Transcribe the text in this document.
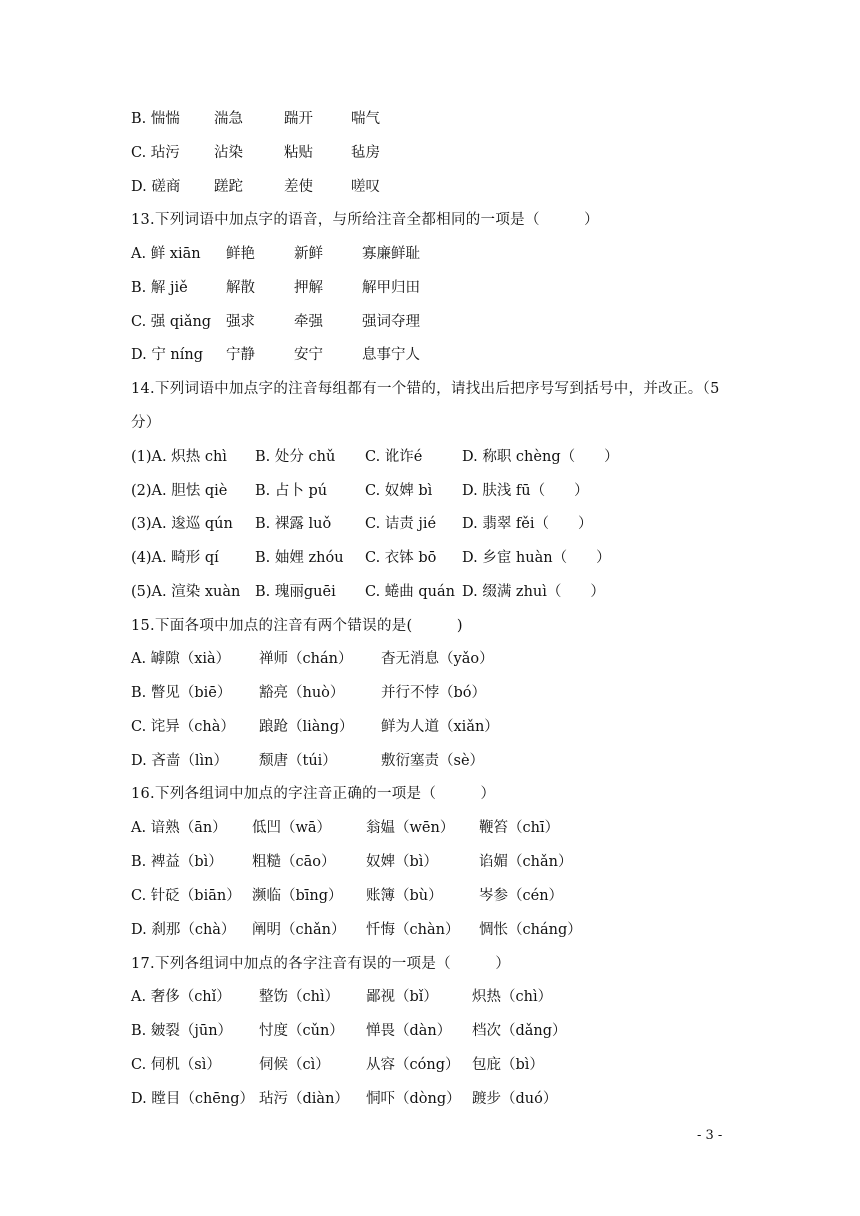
B. 惴惴 湍急	踹开	喘气
C. 玷污 沾染	粘贴	毡房
D. 磋商 蹉跎	差使	嗟叹
13.下列词语中加点字的语音，与所给注音全都相同的一项是（　　　）
A. 鲜 xiān 鲜艳	新鲜	寡廉鲜耻
B. 解 jiě	解散	押解	解甲归田
C. 强 qiǎng 强求	牵强	强词夺理
D. 宁 níng 宁静	安宁	息事宁人
14.下列词语中加点字的注音每组都有一个错的，请找出后把序号写到括号中，并改正。（5
分）
(1)A. 炽热 chì B. 处分 chǔ C. 讹诈é	D. 称职 chèng（　　）
(2)A. 胆怯 qiè B. 占卜 pú	C. 奴婢 bì D. 肤浅 fū（　　）
(3)A. 逡巡 qún B. 裸露 luǒ C. 诘责 jié D. 翡翠 fěi（　　）
(4)A. 畸形 qí B. 妯娌 zhóu C. 衣钵 bō D. 乡宦 huàn（　　）
(5)A. 渲染 xuàn B. 瑰丽guēi C. 蜷曲 quán D. 缀满 zhuì（　　）
15.下面各项中加点的注音有两个错误的是(　　　)
A. 罅隙（xià） 禅师（chán） 杳无消息（yǎo）
B. 瞥见（biē） 豁亮（huò）	并行不悖（bó）
C. 诧异（chà） 踉跄（liàng） 鲜为人道（xiǎn）
D. 吝啬（lìn） 颓唐（túi）	敷衍塞责（sè）
16.下列各组词中加点的字注音正确的一项是（　　　）
A. 谙熟（ān） 低凹（wā） 翁媪（wēn） 鞭笞（chī）
B. 裨益（bì） 粗糙（cāo） 奴婢（bì）	谄媚（chǎn）
C. 针砭（biān） 濒临（bīng） 账簿（bù）	岑参（cén）
D. 刹那（chà） 阐明（chǎn） 忏悔（chàn） 惆怅（cháng）
17.下列各组词中加点的各字注音有误的一项是（　　　）
A. 奢侈（chǐ） 整饬（chì） 鄙视（bǐ） 炽热（chì）
B. 皴裂（jūn） 忖度（cǔn） 惮畏（dàn） 档次（dǎng）
C. 伺机（sì）	伺候（cì） 从容（cóng） 包庇（bì）
D. 瞠目（chēng） 玷污（diàn） 恫吓（dòng） 踱步（duó）
- 3 -
